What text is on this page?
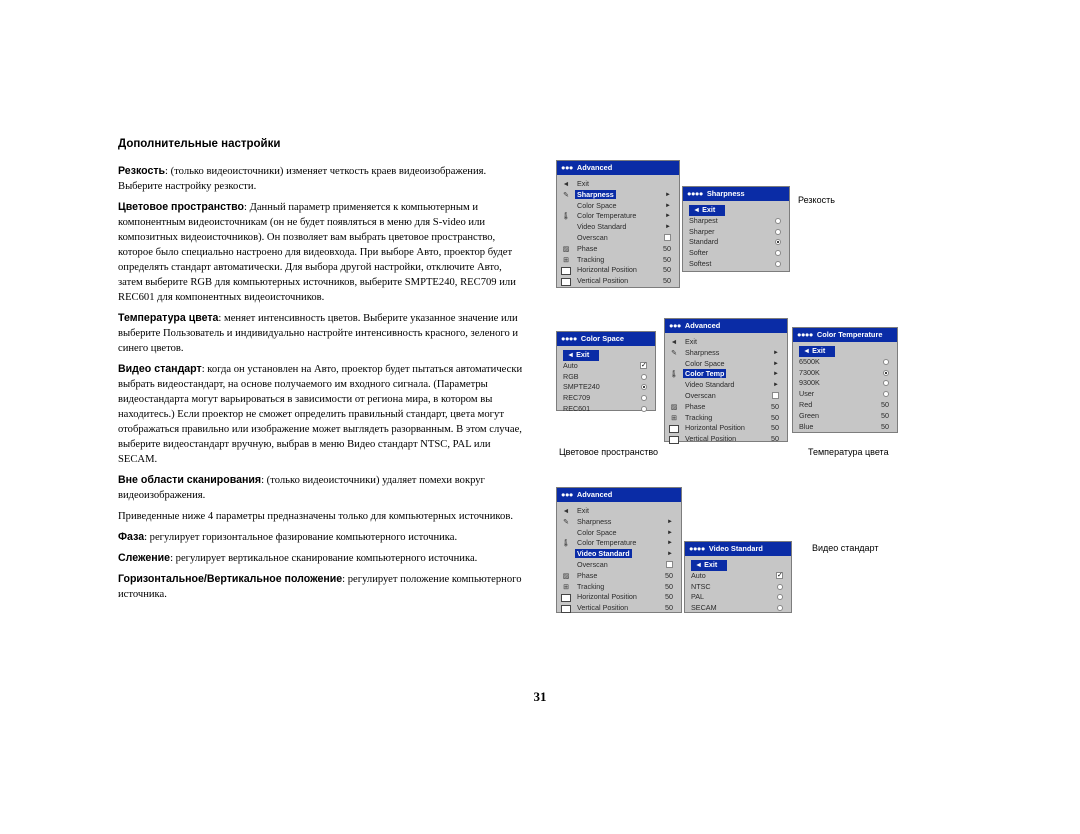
Дополнительные настройки

Резкость: (только видеоисточники) изменяет четкость краев видеоизображения. Выберите настройку резкости.

Цветовое пространство: Данный параметр применяется к компьютерным и компонентным видеоисточникам (он не будет появляться в меню для S-video или композитных видеоисточников). Он позволяет вам выбрать цветовое пространство, которое было специально настроено для видеовхода. При выборе Авто, проектор будет определять стандарт автоматически. Для выбора другой настройки, отключите Авто, затем выберите RGB для компьютерных источников, выберите SMPTE240, REC709 или REC601 для компонентных видеоисточников.

Температура цвета: меняет интенсивность цветов. Выберите указанное значение или выберите Пользователь и индивидуально настройте интенсивность красного, зеленого и синего цветов.

Видео стандарт: когда он установлен на Авто, проектор будет пытаться автоматически выбрать видеостандарт, на основе получаемого им входного сигнала. (Параметры видеостандарта могут варьироваться в зависимости от региона мира, в котором вы находитесь.) Если проектор не сможет определить правильный стандарт, цвета могут отображаться правильно или изображение может выглядеть разорванным. В этом случае, выберите видеостандарт вручную, выбрав в меню Видео стандарт NTSC, PAL или SECAM.

Вне области сканирования: (только видеоисточники) удаляет помехи вокруг видеоизображения.

Приведенные ниже 4 параметры предназначены только для компьютерных источников.

Фаза: регулирует горизонтальное фазирование компьютерного источника.

Слежение: регулирует вертикальное сканирование компьютерного источника.

Горизонтальное/Вертикальное положение: регулирует положение компьютерного источника.

31
●●● Advanced
◄ Exit
✎ Sharpness	►
Color Space	►
🌡 Color Temperature	►
Video Standard	►
Overscan
▨ Phase	50
⊞ Tracking	50
Horizontal Position	50
Vertical Position	50
●●●● Sharpness
◄ Exit
Sharpest
Sharper
Standard
Softer
Softest
Резкость
●●●● Color Space
◄ Exit
Auto	✓
RGB
SMPTE240
REC709
REC601
●●● Advanced
◄ Exit
✎ Sharpness	►
Color Space	►
🌡 Color Temp	►
Video Standard	►
Overscan
▨ Phase	50
⊞ Tracking	50
Horizontal Position	50
Vertical Position	50
●●●● Color Temperature
◄ Exit
6500K
7300K
9300K
User
Red	50
Green	50
Blue	50
Цветовое пространство	Температура цвета
●●● Advanced
◄ Exit
✎ Sharpness	►
Color Space	►
🌡 Color Temperature	►
Video Standard	►
Overscan
▨ Phase	50
⊞ Tracking	50
Horizontal Position	50
Vertical Position	50
●●●● Video Standard
◄ Exit
Auto	✓
NTSC
PAL
SECAM
Видео стандарт
